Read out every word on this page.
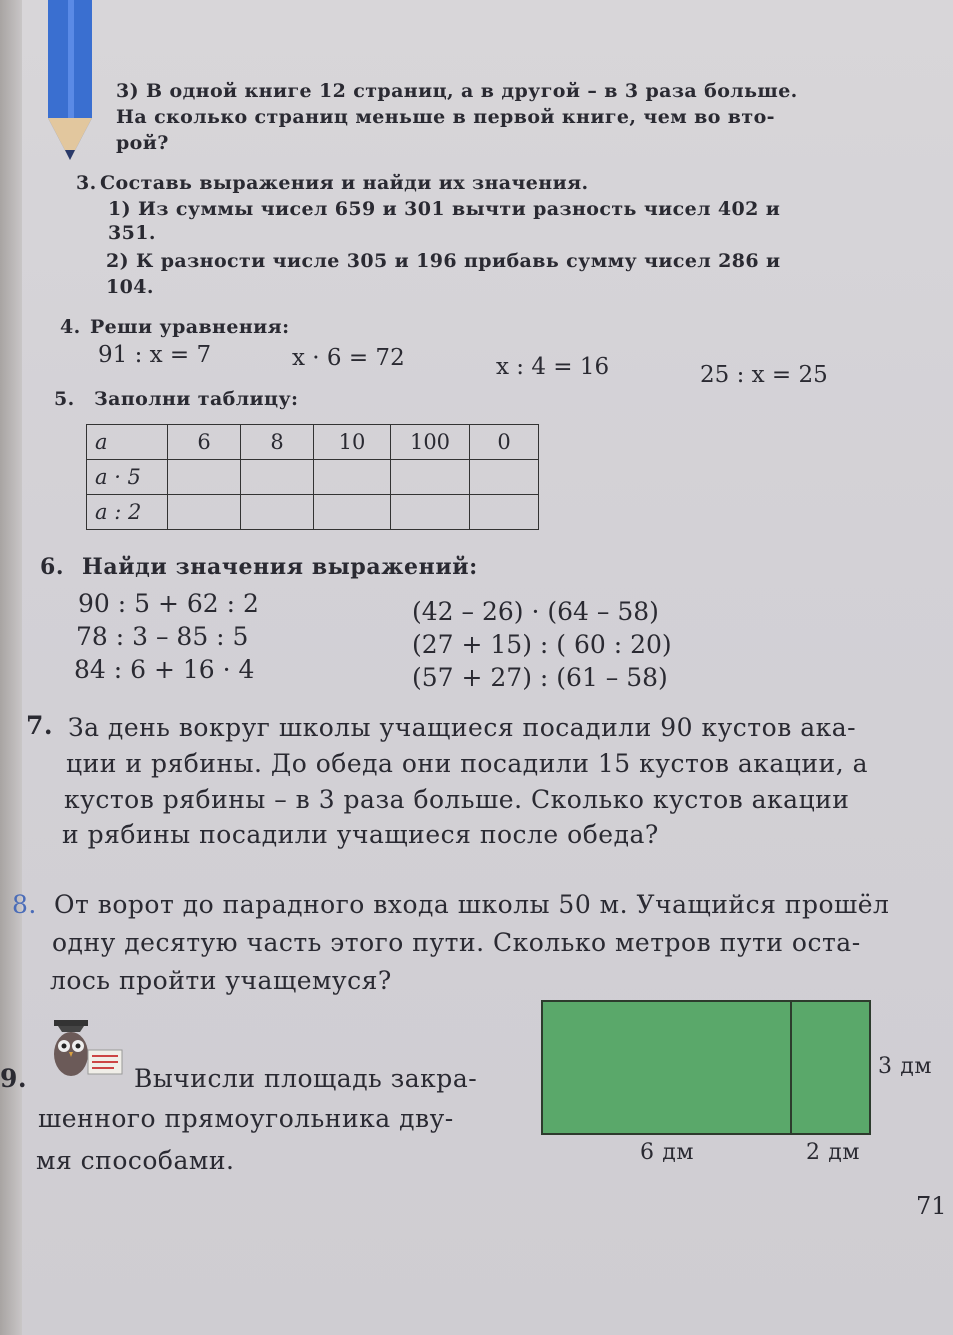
3) В одной книге 12 страниц, а в другой – в 3 раза больше.
На сколько страниц меньше в первой книге, чем во вто-
рой?
3. Составь выражения и найди их значения.
1) Из суммы чисел 659 и 301 вычти разность чисел 402 и
351.
2) К разности числе 305 и 196 прибавь сумму чисел 286 и
104.
4. Реши уравнения:
91 : x = 7	x · 6 = 72	x : 4 = 16	25 : x = 25
5. Заполни таблицу:
a	6	8	10	100	0
a · 5					
a : 2					
6. Найди значения выражений:
90 : 5 + 62 : 2
78 : 3 – 85 : 5
84 : 6 + 16 · 4
(42 – 26) · (64 – 58)
(27 + 15) : ( 60 : 20)
(57 + 27) : (61 – 58)
7. За день вокруг школы учащиеся посадили 90 кустов ака-
ции и рябины. До обеда они посадили 15 кустов акации, а
кустов рябины – в 3 раза больше. Сколько кустов акации
и рябины посадили учащиеся после обеда?
8. От ворот до парадного входа школы 50 м. Учащийся прошёл
одну десятую часть этого пути. Сколько метров пути оста-
лось пройти учащемуся?
9.	Вычисли площадь закра-
шенного прямоугольника дву-
мя способами.
3 дм
6 дм	2 дм
71
